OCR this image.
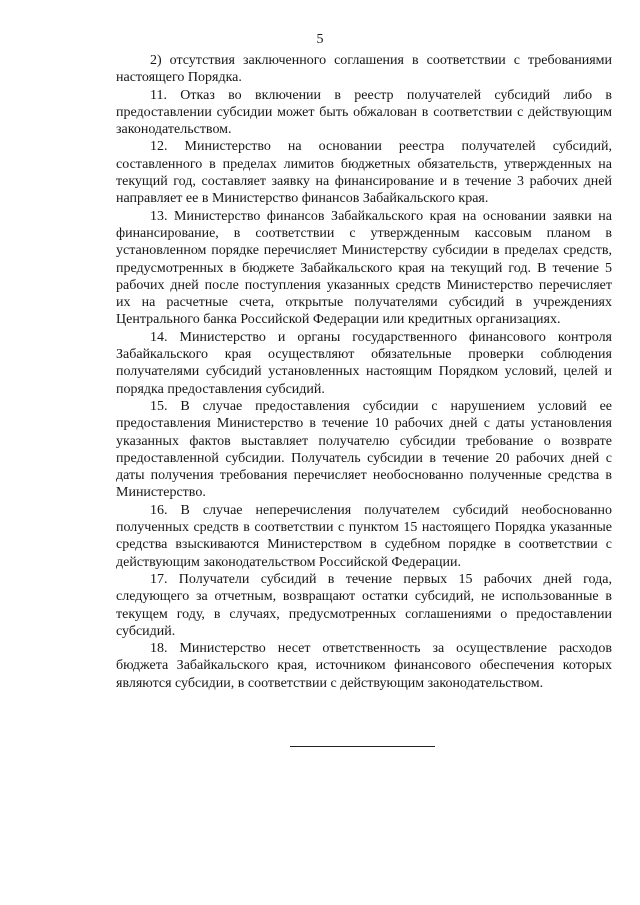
5

2) отсутствия заключенного соглашения в соответствии с требованиями настоящего Порядка.

11. Отказ во включении в реестр получателей субсидий либо в предоставлении субсидии может быть обжалован в соответствии с действующим законодательством.

12. Министерство на основании реестра получателей субсидий, составленного в пределах лимитов бюджетных обязательств, утвержденных на текущий год, составляет заявку на финансирование и в течение 3 рабочих дней направляет ее в Министерство финансов Забайкальского края.

13. Министерство финансов Забайкальского края на основании заявки на финансирование, в соответствии с утвержденным кассовым планом в установленном порядке перечисляет Министерству субсидии в пределах средств, предусмотренных в бюджете Забайкальского края на текущий год. В течение 5 рабочих дней после поступления указанных средств Министерство перечисляет их на расчетные счета, открытые получателями субсидий в учреждениях Центрального банка Российской Федерации или кредитных организациях.

14. Министерство и органы государственного финансового контроля Забайкальского края осуществляют обязательные проверки соблюдения получателями субсидий установленных настоящим Порядком условий, целей и порядка предоставления субсидий.

15. В случае предоставления субсидии с нарушением условий ее предоставления Министерство в течение 10 рабочих дней с даты установления указанных фактов выставляет получателю субсидии требование о возврате предоставленной субсидии. Получатель субсидии в течение 20 рабочих дней с даты получения требования перечисляет необоснованно полученные средства в Министерство.

16. В случае неперечисления получателем субсидий необоснованно полученных средств в соответствии с пунктом 15 настоящего Порядка указанные средства взыскиваются Министерством в судебном порядке в соответствии с действующим законодательством Российской Федерации.

17. Получатели субсидий в течение первых 15 рабочих дней года, следующего за отчетным, возвращают остатки субсидий, не использованные в текущем году, в случаях, предусмотренных соглашениями о предоставлении субсидий.

18. Министерство несет ответственность за осуществление расходов бюджета Забайкальского края, источником финансового обеспечения которых являются субсидии, в соответствии с действующим законодательством.
